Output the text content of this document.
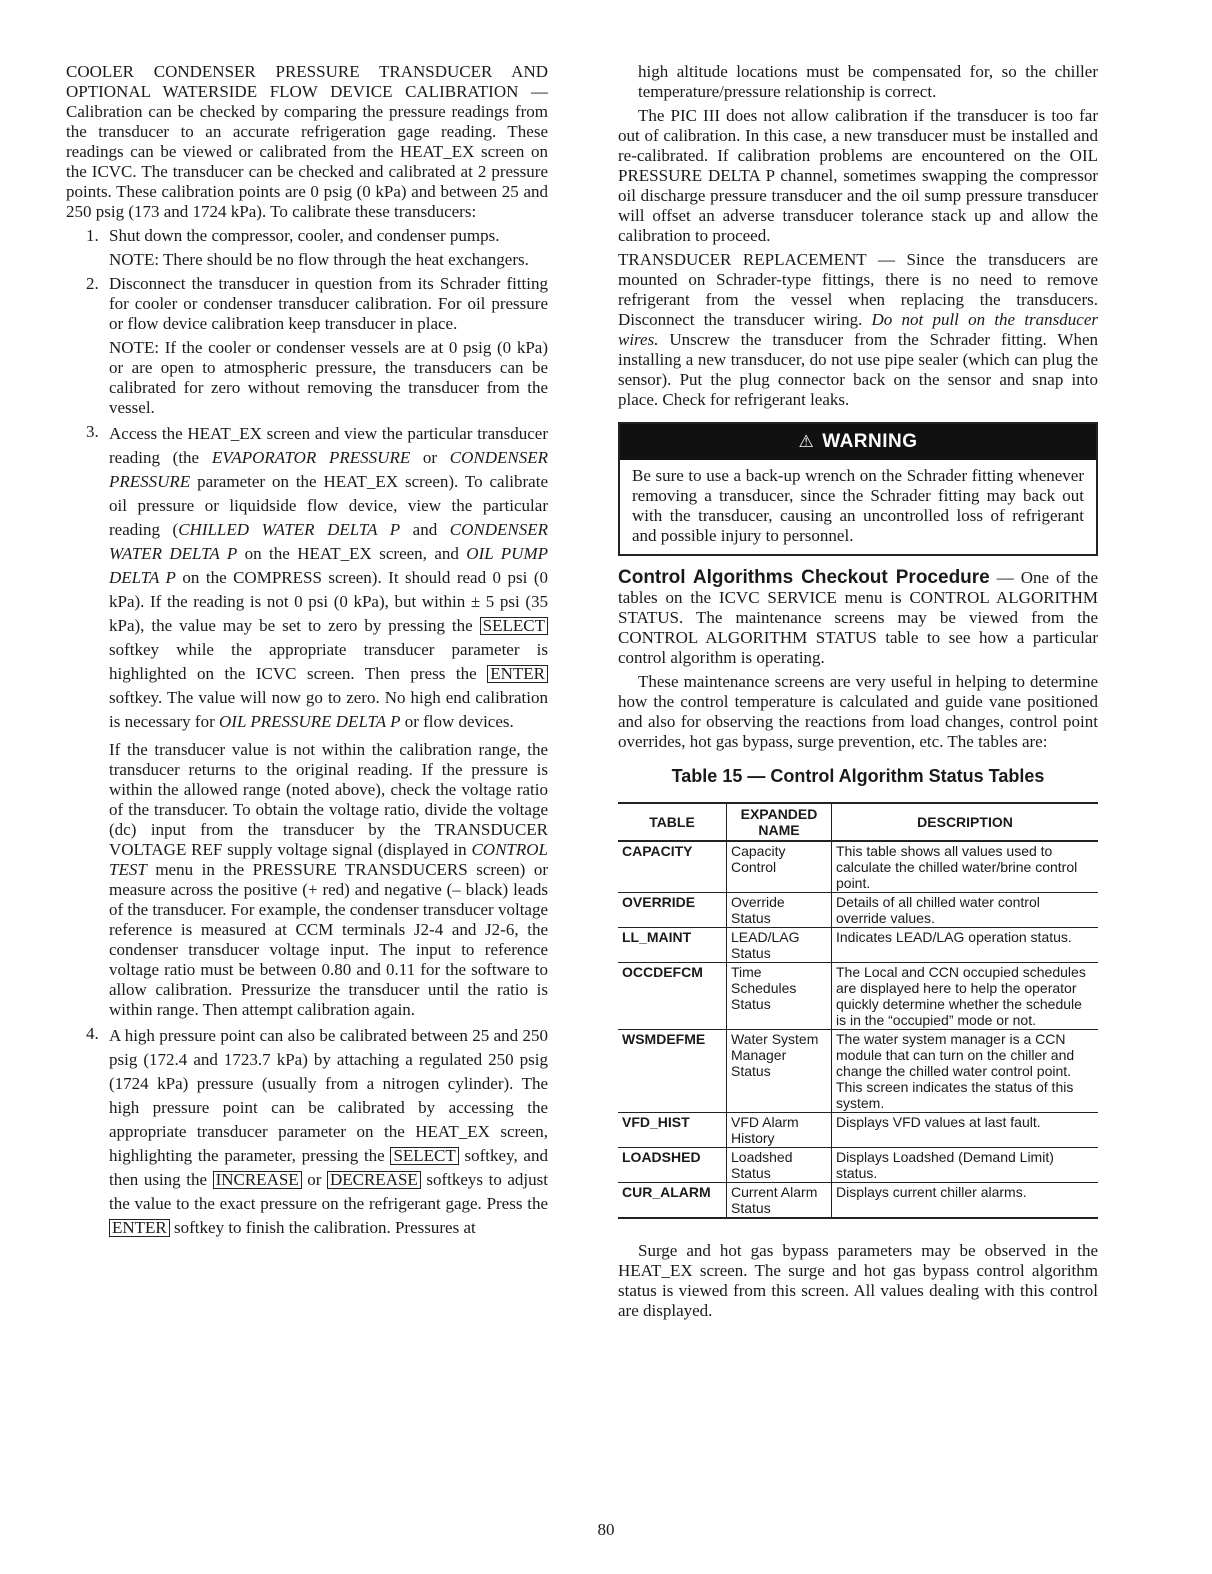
COOLER CONDENSER PRESSURE TRANSDUCER AND OPTIONAL WATERSIDE FLOW DEVICE CALIBRATION — Calibration can be checked by comparing the pressure readings from the transducer to an accurate refrigeration gage reading. These readings can be viewed or calibrated from the HEAT_EX screen on the ICVC. The transducer can be checked and calibrated at 2 pressure points. These calibration points are 0 psig (0 kPa) and between 25 and 250 psig (173 and 1724 kPa). To calibrate these transducers:

1. Shut down the compressor, cooler, and condenser pumps.

NOTE: There should be no flow through the heat exchangers.

2. Disconnect the transducer in question from its Schrader fitting for cooler or condenser transducer calibration. For oil pressure or flow device calibration keep transducer in place.

NOTE: If the cooler or condenser vessels are at 0 psig (0 kPa) or are open to atmospheric pressure, the transducers can be calibrated for zero without removing the transducer from the vessel.

3. Access the HEAT_EX screen and view the particular transducer reading (the EVAPORATOR PRESSURE or CONDENSER PRESSURE parameter on the HEAT_EX screen). To calibrate oil pressure or liquidside flow device, view the particular reading (CHILLED WATER DELTA P and CONDENSER WATER DELTA P on the HEAT_EX screen, and OIL PUMP DELTA P on the COMPRESS screen). It should read 0 psi (0 kPa). If the reading is not 0 psi (0 kPa), but within ± 5 psi (35 kPa), the value may be set to zero by pressing the SELECT softkey while the appropriate transducer parameter is highlighted on the ICVC screen. Then press the ENTER softkey. The value will now go to zero. No high end calibration is necessary for OIL PRESSURE DELTA P or flow devices.

If the transducer value is not within the calibration range, the transducer returns to the original reading. If the pressure is within the allowed range (noted above), check the voltage ratio of the transducer. To obtain the voltage ratio, divide the voltage (dc) input from the transducer by the TRANSDUCER VOLTAGE REF supply voltage signal (displayed in CONTROL TEST menu in the PRESSURE TRANSDUCERS screen) or measure across the positive (+ red) and negative (– black) leads of the transducer. For example, the condenser transducer voltage reference is measured at CCM terminals J2-4 and J2-6, the condenser transducer voltage input. The input to reference voltage ratio must be between 0.80 and 0.11 for the software to allow calibration. Pressurize the transducer until the ratio is within range. Then attempt calibration again.

4. A high pressure point can also be calibrated between 25 and 250 psig (172.4 and 1723.7 kPa) by attaching a regulated 250 psig (1724 kPa) pressure (usually from a nitrogen cylinder). The high pressure point can be calibrated by accessing the appropriate transducer parameter on the HEAT_EX screen, highlighting the parameter, pressing the SELECT softkey, and then using the INCREASE or DECREASE softkeys to adjust the value to the exact pressure on the refrigerant gage. Press the ENTER softkey to finish the calibration. Pressures at

high altitude locations must be compensated for, so the chiller temperature/pressure relationship is correct.

The PIC III does not allow calibration if the transducer is too far out of calibration. In this case, a new transducer must be installed and re-calibrated. If calibration problems are encountered on the OIL PRESSURE DELTA P channel, sometimes swapping the compressor oil discharge pressure transducer and the oil sump pressure transducer will offset an adverse transducer tolerance stack up and allow the calibration to proceed.

TRANSDUCER REPLACEMENT — Since the transducers are mounted on Schrader-type fittings, there is no need to remove refrigerant from the vessel when replacing the transducers. Disconnect the transducer wiring. Do not pull on the transducer wires. Unscrew the transducer from the Schrader fitting. When installing a new transducer, do not use pipe sealer (which can plug the sensor). Put the plug connector back on the sensor and snap into place. Check for refrigerant leaks.

⚠ WARNING
Be sure to use a back-up wrench on the Schrader fitting whenever removing a transducer, since the Schrader fitting may back out with the transducer, causing an uncontrolled loss of refrigerant and possible injury to personnel.

Control Algorithms Checkout Procedure — One of the tables on the ICVC SERVICE menu is CONTROL ALGORITHM STATUS. The maintenance screens may be viewed from the CONTROL ALGORITHM STATUS table to see how a particular control algorithm is operating.

These maintenance screens are very useful in helping to determine how the control temperature is calculated and guide vane positioned and also for observing the reactions from load changes, control point overrides, hot gas bypass, surge prevention, etc. The tables are:

Table 15 — Control Algorithm Status Tables
TABLE	EXPANDED NAME	DESCRIPTION
CAPACITY	Capacity Control	This table shows all values used to calculate the chilled water/brine control point.
OVERRIDE	Override Status	Details of all chilled water control override values.
LL_MAINT	LEAD/LAG Status	Indicates LEAD/LAG operation status.
OCCDEFCM	Time Schedules Status	The Local and CCN occupied schedules are displayed here to help the operator quickly determine whether the schedule is in the “occupied” mode or not.
WSMDEFME	Water System Manager Status	The water system manager is a CCN module that can turn on the chiller and change the chilled water control point. This screen indicates the status of this system.
VFD_HIST	VFD Alarm History	Displays VFD values at last fault.
LOADSHED	Loadshed Status	Displays Loadshed (Demand Limit) status.
CUR_ALARM	Current Alarm Status	Displays current chiller alarms.

Surge and hot gas bypass parameters may be observed in the HEAT_EX screen. The surge and hot gas bypass control algorithm status is viewed from this screen. All values dealing with this control are displayed.

80
